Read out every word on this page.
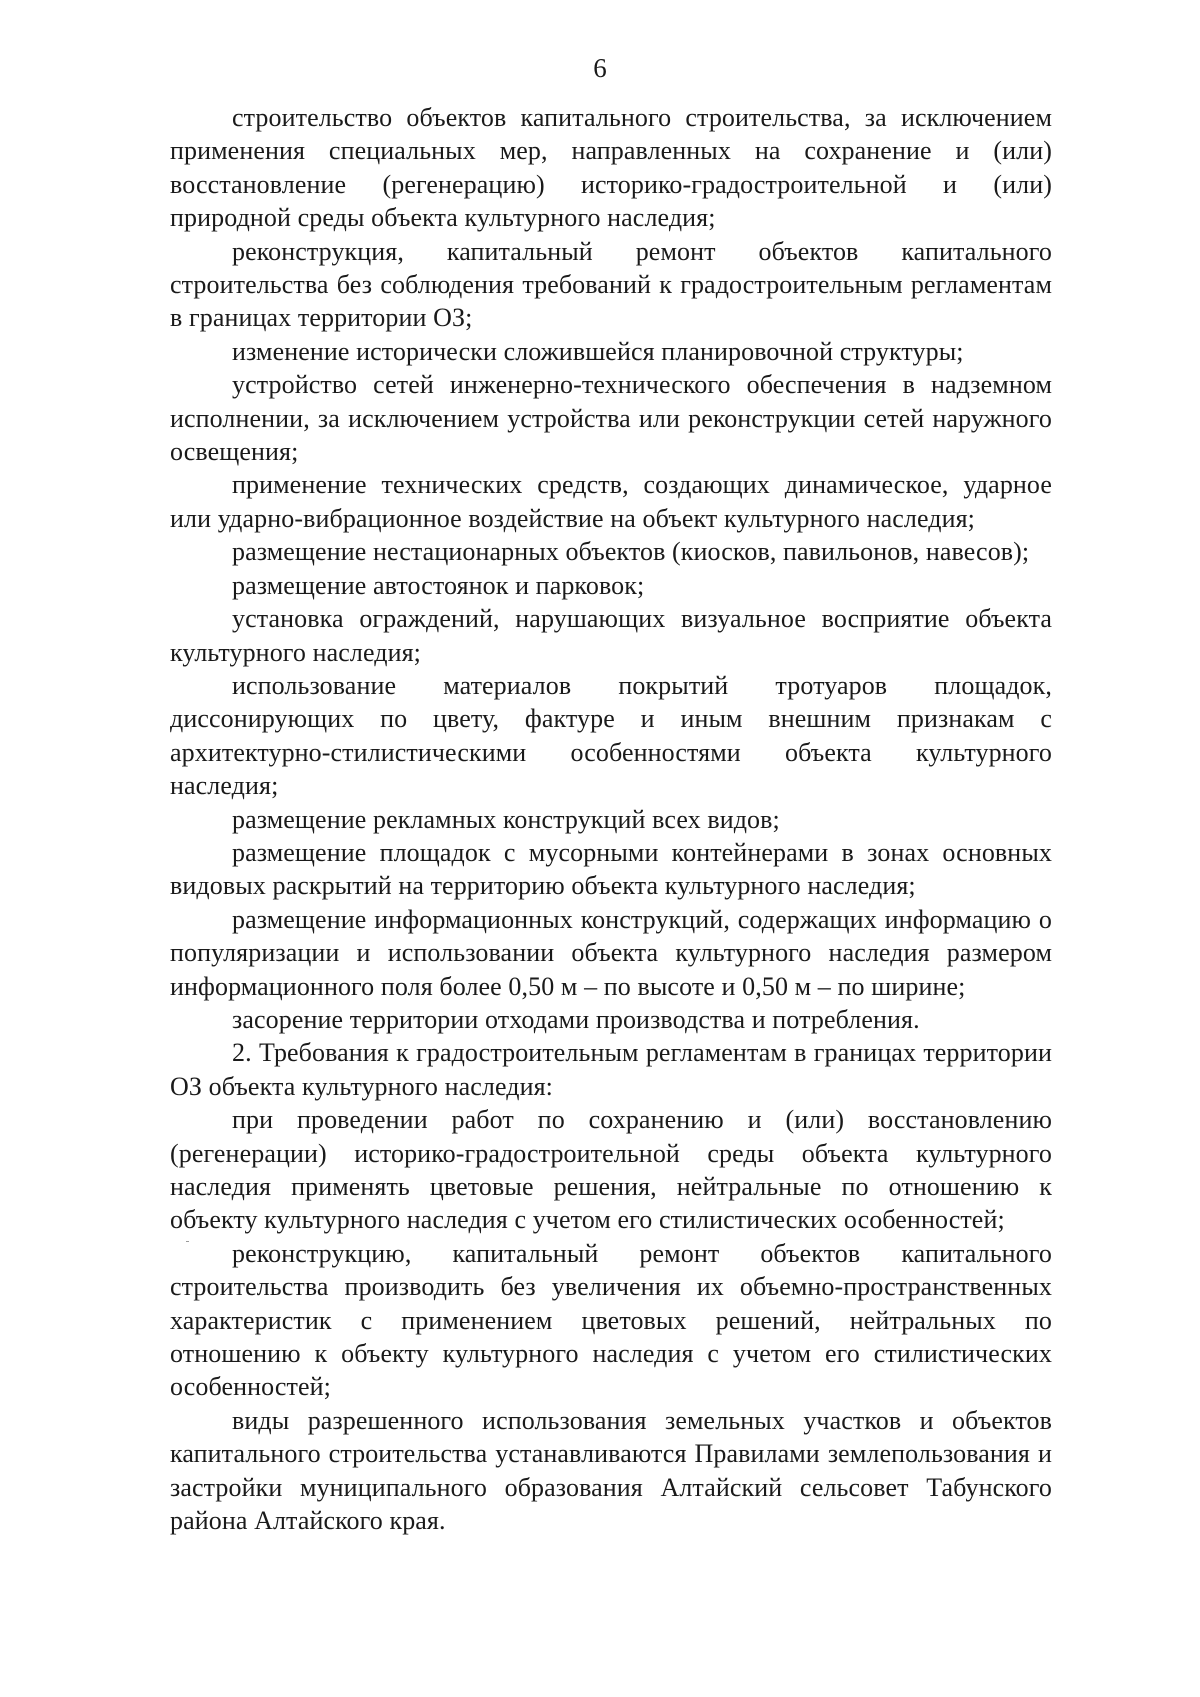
6

строительство объектов капитального строительства, за исключением применения специальных мер, направленных на сохранение и (или) восстановление (регенерацию) историко-градостроительной и (или) природной среды объекта культурного наследия;

реконструкция, капитальный ремонт объектов капитального строительства без соблюдения требований к градостроительным регламентам в границах территории ОЗ;

изменение исторически сложившейся планировочной структуры;

устройство сетей инженерно-технического обеспечения в надземном исполнении, за исключением устройства или реконструкции сетей наружного освещения;

применение технических средств, создающих динамическое, ударное или ударно-вибрационное воздействие на объект культурного наследия;

размещение нестационарных объектов (киосков, павильонов, навесов);

размещение автостоянок и парковок;

установка ограждений, нарушающих визуальное восприятие объекта культурного наследия;

использование материалов покрытий тротуаров площадок, диссонирующих по цвету, фактуре и иным внешним признакам с архитектурно-стилистическими особенностями объекта культурного наследия;

размещение рекламных конструкций всех видов;

размещение площадок с мусорными контейнерами в зонах основных видовых раскрытий на территорию объекта культурного наследия;

размещение информационных конструкций, содержащих информацию о популяризации и использовании объекта культурного наследия размером информационного поля более 0,50 м – по высоте и 0,50 м – по ширине;

засорение территории отходами производства и потребления.

2. Требования к градостроительным регламентам в границах территории ОЗ объекта культурного наследия:

при проведении работ по сохранению и (или) восстановлению (регенерации) историко-градостроительной среды объекта культурного наследия применять цветовые решения, нейтральные по отношению к объекту культурного наследия с учетом его стилистических особенностей;

реконструкцию, капитальный ремонт объектов капитального строительства производить без увеличения их объемно-пространственных характеристик с применением цветовых решений, нейтральных по отношению к объекту культурного наследия с учетом его стилистических особенностей;

виды разрешенного использования земельных участков и объектов капитального строительства устанавливаются Правилами землепользования и застройки муниципального образования Алтайский сельсовет Табунского района Алтайского края.
